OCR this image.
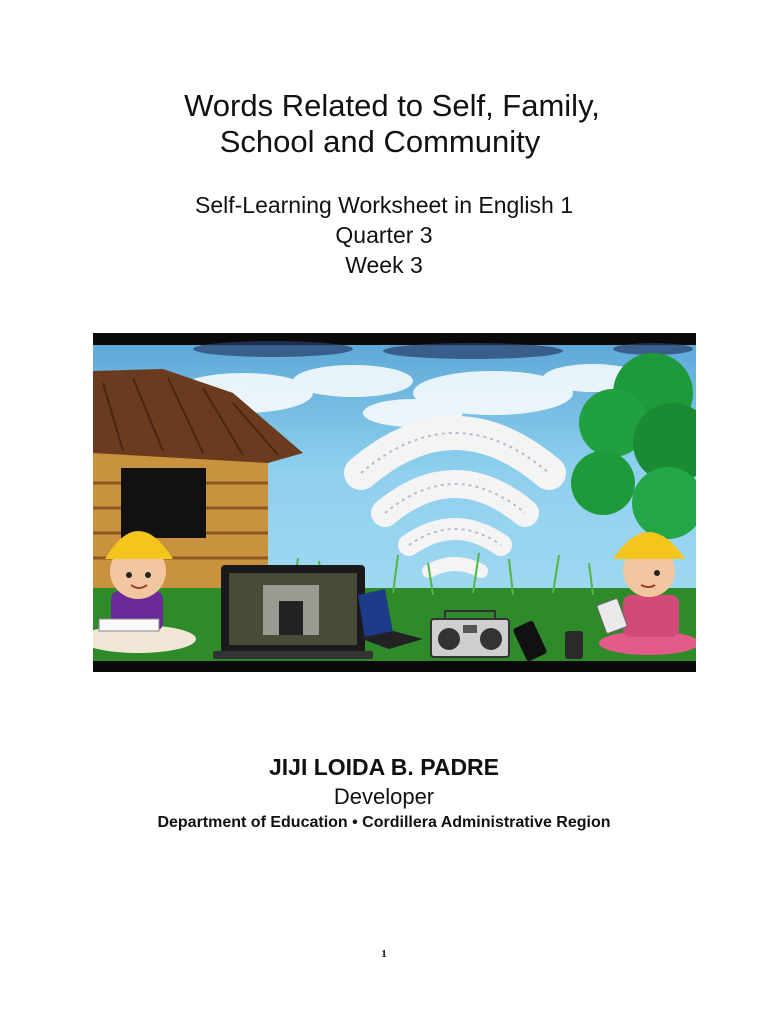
Words Related to Self, Family,
School and Community
Self-Learning Worksheet in English 1
Quarter 3
Week 3
JIJI LOIDA B. PADRE
Developer
Department of Education • Cordillera Administrative Region
1
